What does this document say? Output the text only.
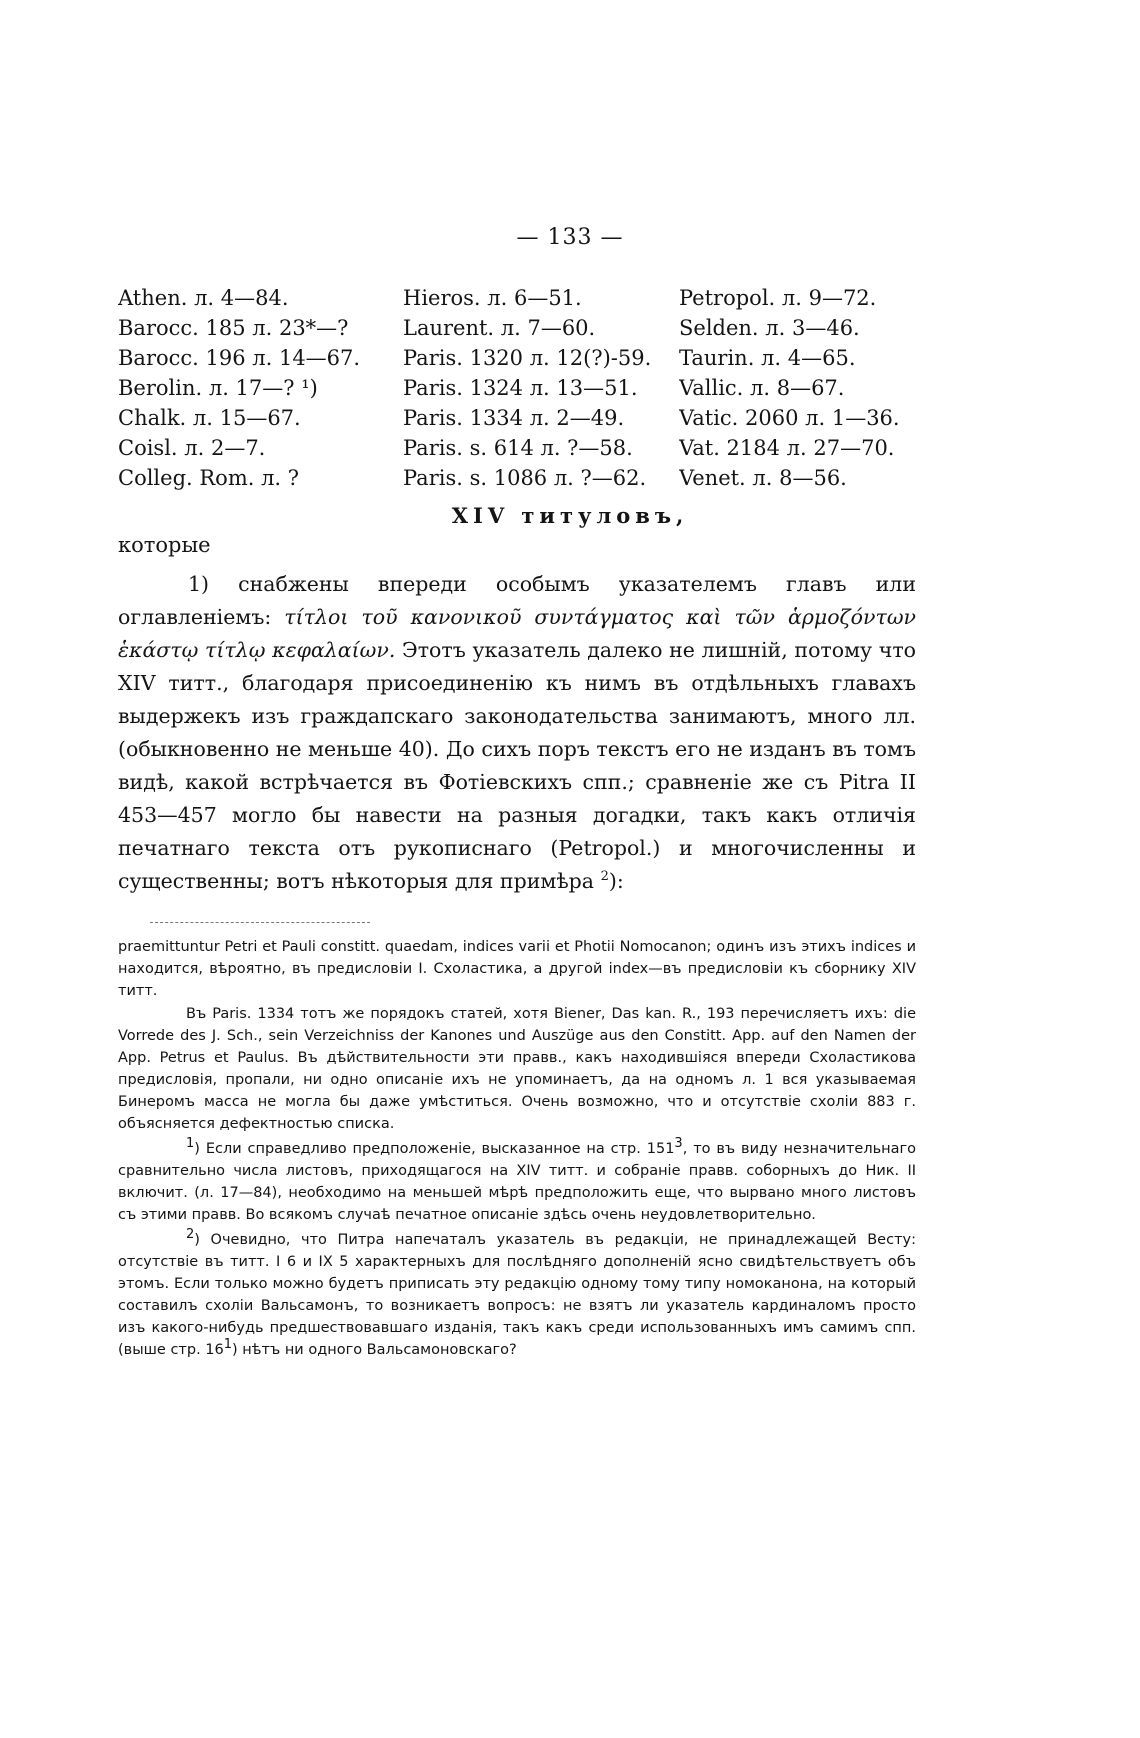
— 133 —
Athen. л. 4—84.	Hieros. л. 6—51.	Petropol. л. 9—72.
Barocc. 185 л. 23*—?	Laurent. л. 7—60.	Selden. л. 3—46.
Barocc. 196 л. 14—67.	Paris. 1320 л. 12(?)-59.	Taurin. л. 4—65.
Berolin. л. 17—? ¹)	Paris. 1324 л. 13—51.	Vallic. л. 8—67.
Chalk. л. 15—67.	Paris. 1334 л. 2—49.	Vatic. 2060 л. 1—36.
Coisl. л. 2—7.	Paris. s. 614 л. ?—58.	Vat. 2184 л. 27—70.
Colleg. Rom. л. ?	Paris. s. 1086 л. ?—62.	Venet. л. 8—56.
XIV титуловъ,
которые

1) снабжены впереди особымъ указателемъ главъ или оглавленіемъ: τίτλοι τοῦ κανονικοῦ συντάγματος καὶ τῶν ἁρμοζόντων ἑκάστῳ τίτλῳ κεφαλαίων. Этотъ указатель далеко не лишній, потому что XIV титт., благодаря присоединенію къ нимъ въ отдѣльныхъ главахъ выдержекъ изъ граждапскаго законодательства занимаютъ, много лл. (обыкновенно не меньше 40). До сихъ поръ текстъ его не изданъ въ томъ видѣ, какой встрѣчается въ Фотіевскихъ спп.; сравненіе же съ Pitra II 453—457 могло бы навести на разныя догадки, такъ какъ отличія печатнаго текста отъ рукописнаго (Petropol.) и многочисленны и существенны; вотъ нѣкоторыя для примѣра $^2$):

praemittuntur Petri et Pauli constitt. quaedam, indices varii et Photii Nomocanon; одинъ изъ этихъ indices и находится, вѣроятно, въ предисловіи І. Схоластика, а другой index—въ предисловіи къ сборнику XIV титт.

Въ Paris. 1334 тотъ же порядокъ статей, хотя Biener, Das kan. R., 193 перечисляетъ ихъ: die Vorrede des J. Sch., sein Verzeichniss der Kanones und Auszüge aus den Constitt. App. auf den Namen der App. Petrus et Paulus. Въ дѣйствительности эти правв., какъ находившіяся впереди Схоластикова предисловія, пропали, ни одно описаніе ихъ не упоминаетъ, да на одномъ л. 1 вся указываемая Бинеромъ масса не могла бы даже умѣститься. Очень возможно, что и отсутствіе схоліи 883 г. объясняется дефектностью списка.

$^1$) Если справедливо предположеніе, высказанное на стр. $151^3$, то въ виду незначительнаго сравнительно числа листовъ, приходящагося на XIV титт. и собраніе правв. соборныхъ до Ник. II включит. (л. 17—84), необходимо на меньшей мѣрѣ предположить еще, что вырвано много листовъ съ этими правв. Во всякомъ случаѣ печатное описаніе здѣсь очень неудовлетворительно.

$^2$) Очевидно, что Питра напечаталъ указатель въ редакціи, не принадлежащей Весту: отсутствіе въ титт. I 6 и IX 5 характерныхъ для послѣдняго дополненій ясно свидѣтельствуетъ объ этомъ. Если только можно будетъ приписать эту редакцію одному тому типу номоканона, на который составилъ схоліи Вальсамонъ, то возникаетъ вопросъ: не взятъ ли указатель кардиналомъ просто изъ какого-нибудь предшествовавшаго изданія, такъ какъ среди использованныхъ имъ самимъ спп. (выше стр. $16^1$) нѣтъ ни одного Вальсамоновскаго?
